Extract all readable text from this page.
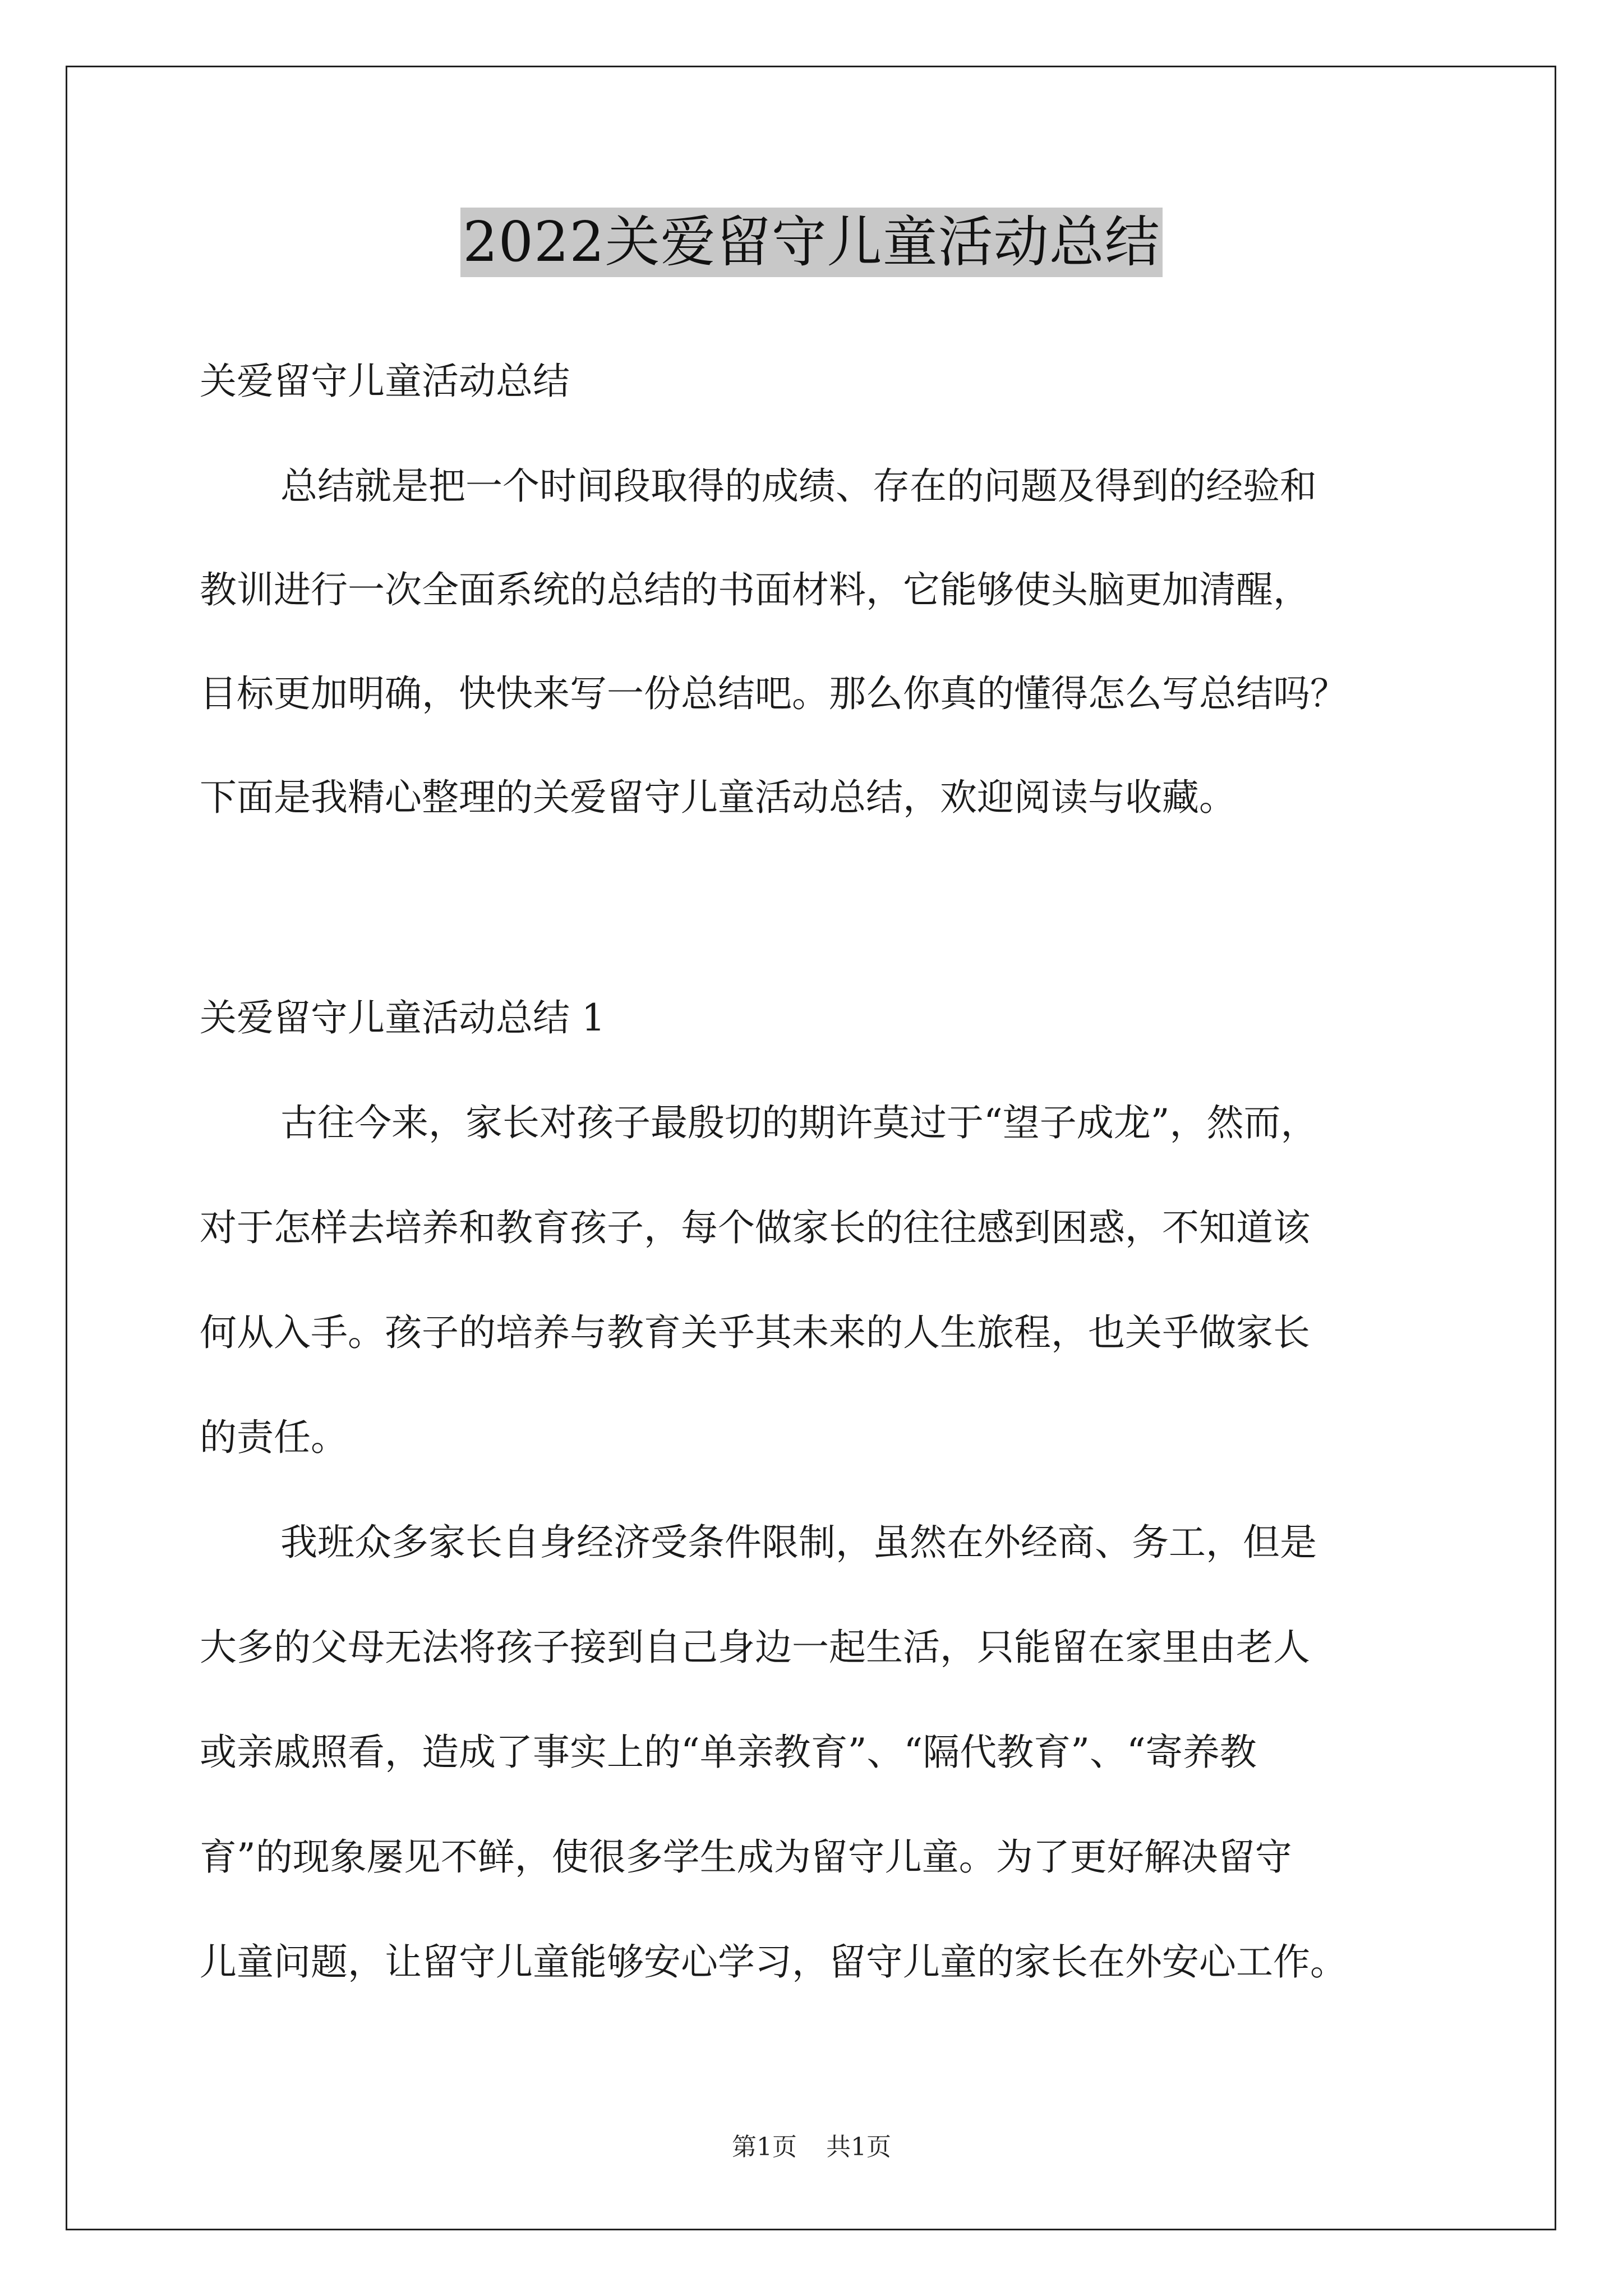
2022关爱留守儿童活动总结
关爱留守儿童活动总结
总结就是把一个时间段取得的成绩、存在的问题及得到的经验和
教训进行一次全面系统的总结的书面材料，它能够使头脑更加清醒，
目标更加明确，快快来写一份总结吧。那么你真的懂得怎么写总结吗？
下面是我精心整理的关爱留守儿童活动总结，欢迎阅读与收藏。
关爱留守儿童活动总结 1
古往今来，家长对孩子最殷切的期许莫过于“望子成龙”，然而，
对于怎样去培养和教育孩子，每个做家长的往往感到困惑，不知道该
何从入手。孩子的培养与教育关乎其未来的人生旅程，也关乎做家长
的责任。
我班众多家长自身经济受条件限制，虽然在外经商、务工，但是
大多的父母无法将孩子接到自己身边一起生活，只能留在家里由老人
或亲戚照看，造成了事实上的“单亲教育”、“隔代教育”、“寄养教
育”的现象屡见不鲜，使很多学生成为留守儿童。为了更好解决留守
儿童问题，让留守儿童能够安心学习，留守儿童的家长在外安心工作。
第1页 共1页
